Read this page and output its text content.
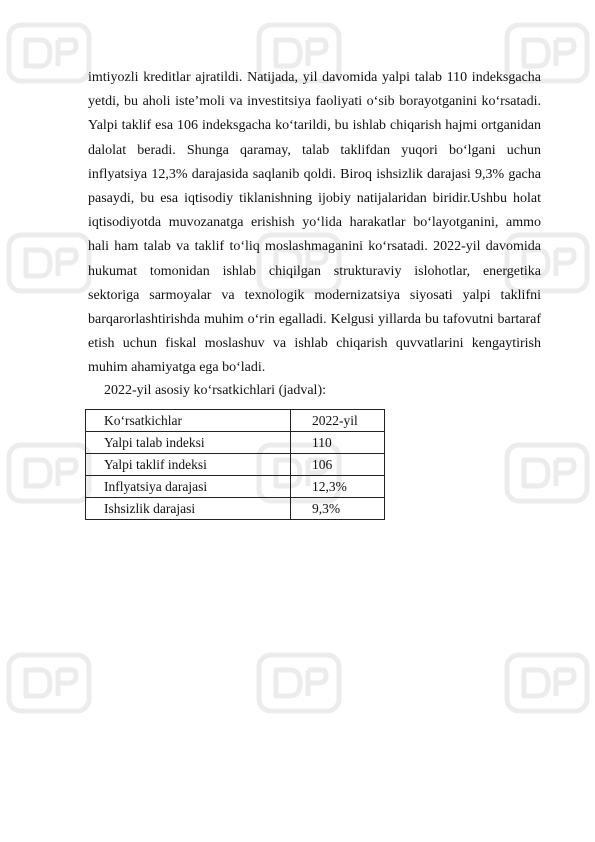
imtiyozli kreditlar ajratildi. Natijada, yil davomida yalpi talab 110 indeksgacha
yetdi, bu aholi iste’moli va investitsiya faoliyati o‘sib borayotganini ko‘rsatadi.
Yalpi taklif esa 106 indeksgacha ko‘tarildi, bu ishlab chiqarish hajmi ortganidan
dalolat beradi. Shunga qaramay, talab taklifdan yuqori bo‘lgani uchun
inflyatsiya 12,3% darajasida saqlanib qoldi. Biroq ishsizlik darajasi 9,3% gacha
pasaydi, bu esa iqtisodiy tiklanishning ijobiy natijalaridan biridir.Ushbu holat
iqtisodiyotda muvozanatga erishish yo‘lida harakatlar bo‘layotganini, ammo
hali ham talab va taklif to‘liq moslashmaganini ko‘rsatadi. 2022-yil davomida
hukumat tomonidan ishlab chiqilgan strukturaviy islohotlar, energetika
sektoriga sarmoyalar va texnologik modernizatsiya siyosati yalpi taklifni
barqarorlashtirishda muhim o‘rin egalladi. Kelgusi yillarda bu tafovutni bartaraf
etish uchun fiskal moslashuv va ishlab chiqarish quvvatlarini kengaytirish
muhim ahamiyatga ega bo‘ladi.

2022-yil asosiy ko‘rsatkichlari (jadval):

Ko‘rsatkichlar	2022-yil
Yalpi talab indeksi	110
Yalpi taklif indeksi	106
Inflyatsiya darajasi	12,3%
Ishsizlik darajasi	9,3%
